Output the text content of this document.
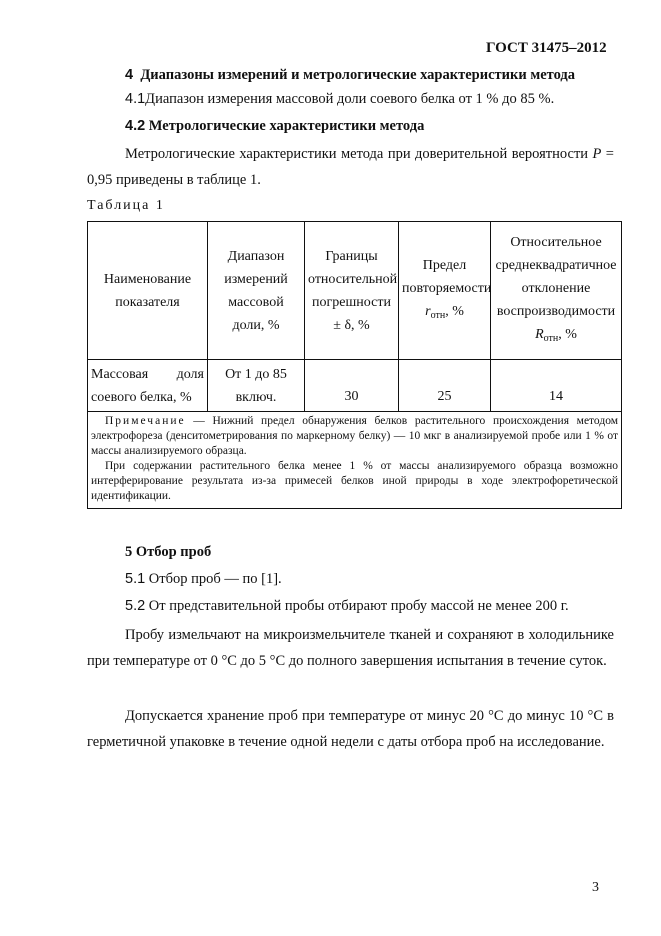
ГОСТ 31475–2012
4 Диапазоны измерений и метрологические характеристики метода
4.1Диапазон измерения массовой доли соевого белка от 1 % до 85 %.
4.2 Метрологические характеристики метода
Метрологические характеристики метода при доверительной вероятности P = 0,95 приведены в таблице 1.
Таблица 1
Наименование показателя	Диапазон измерений массовой доли, %	Границы относительной погрешности ± δ, %	Предел повторяемости $r_{отн}$, %	Относительное среднеквадратичное отклонение воспроизводимости $R_{отн}$, %
Массовая доля соевого белка, %	От 1 до 85 включ.	30	25	14

Примечание — Нижний предел обнаружения белков растительного происхождения методом электрофореза (денситометрирования по маркерному белку) — 10 мкг в анализируемой пробе или 1 % от массы анализируемого образца.

При содержании растительного белка менее 1 % от массы анализируемого образца возможно интерферирование результата из-за примесей белков иной природы в ходе электрофоретической идентификации.				

5 Отбор проб
5.1 Отбор проб — по [1].
5.2 От представительной пробы отбирают пробу массой не менее 200 г.
Пробу измельчают на микроизмельчителе тканей и сохраняют в холодильнике при температуре от 0 °С до 5 °С до полного завершения испытания в течение суток.
Допускается хранение проб при температуре от минус 20 °С до минус 10 °С в герметичной упаковке в течение одной недели с даты отбора проб на исследование.
3
